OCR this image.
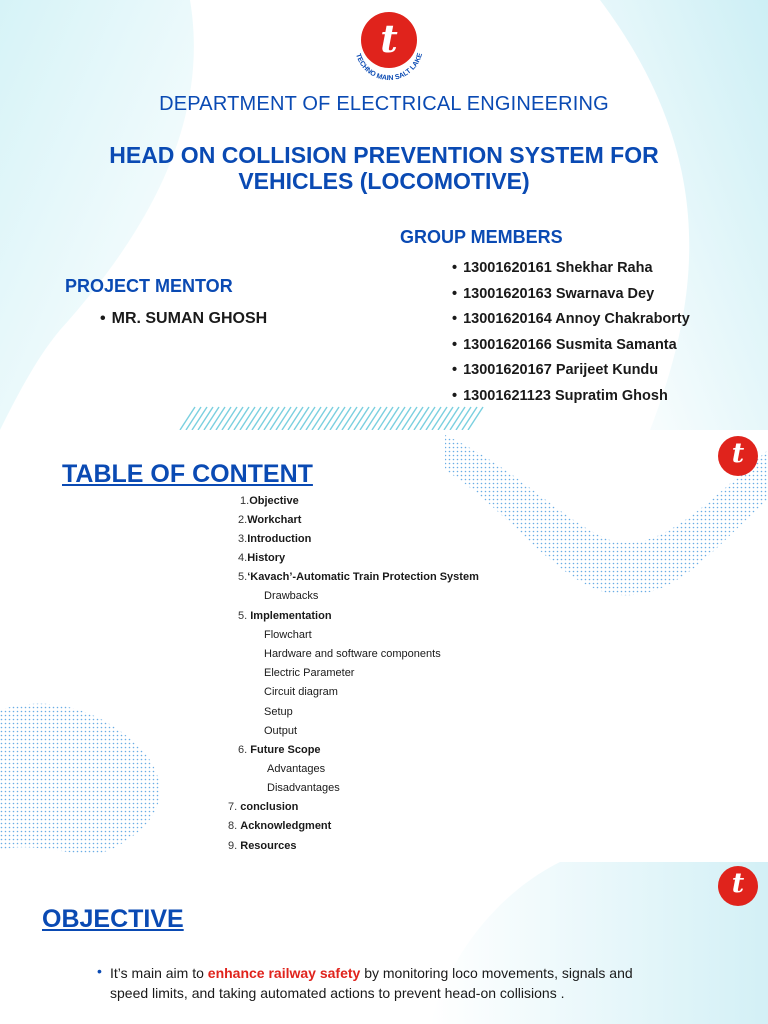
TECHNO MAIN SALT LAKE
t
DEPARTMENT OF ELECTRICAL ENGINEERING
HEAD ON COLLISION PREVENTION SYSTEM FOR
VEHICLES (LOCOMOTIVE)
GROUP MEMBERS
• 13001620161 Shekhar Raha
• 13001620163 Swarnava Dey
• 13001620164 Annoy Chakraborty
• 13001620166 Susmita Samanta
• 13001620167 Parijeet Kundu
• 13001621123 Supratim Ghosh
PROJECT MENTOR
• MR. SUMAN GHOSH
t
TABLE OF CONTENT
1.Objective
2.Workchart
3.Introduction
4.History
5.‘Kavach’-Automatic Train Protection System
Drawbacks
5. Implementation
Flowchart
Hardware and software components
Electric Parameter
Circuit diagram
Setup
Output
6. Future Scope
Advantages
Disadvantages
7. conclusion
8. Acknowledgment
9. Resources
t
OBJECTIVE
• It’s main aim to enhance railway safety by monitoring loco movements, signals and speed limits, and taking automated actions to prevent head-on collisions .
